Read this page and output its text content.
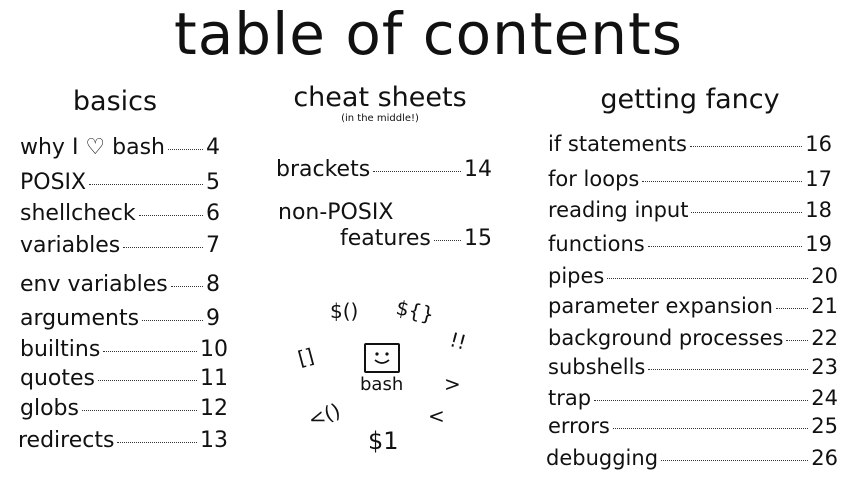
table of contents
basics
why I ♡ bash 4
POSIX	5
shellcheck	6
variables	7
env variables 8
arguments	9
builtins	10
quotes	11
globs	12
redirects	13
cheat sheets
(in the middle!)
brackets	14
non-POSIX
features 15
$() ${}
!!
[]
bash >
<()	<
$1
getting fancy
if statements	16
for loops	17
reading input	18
functions	19
pipes	20
parameter expansion 21
background processes 22
subshells	23
trap	24
errors	25
debugging	26
